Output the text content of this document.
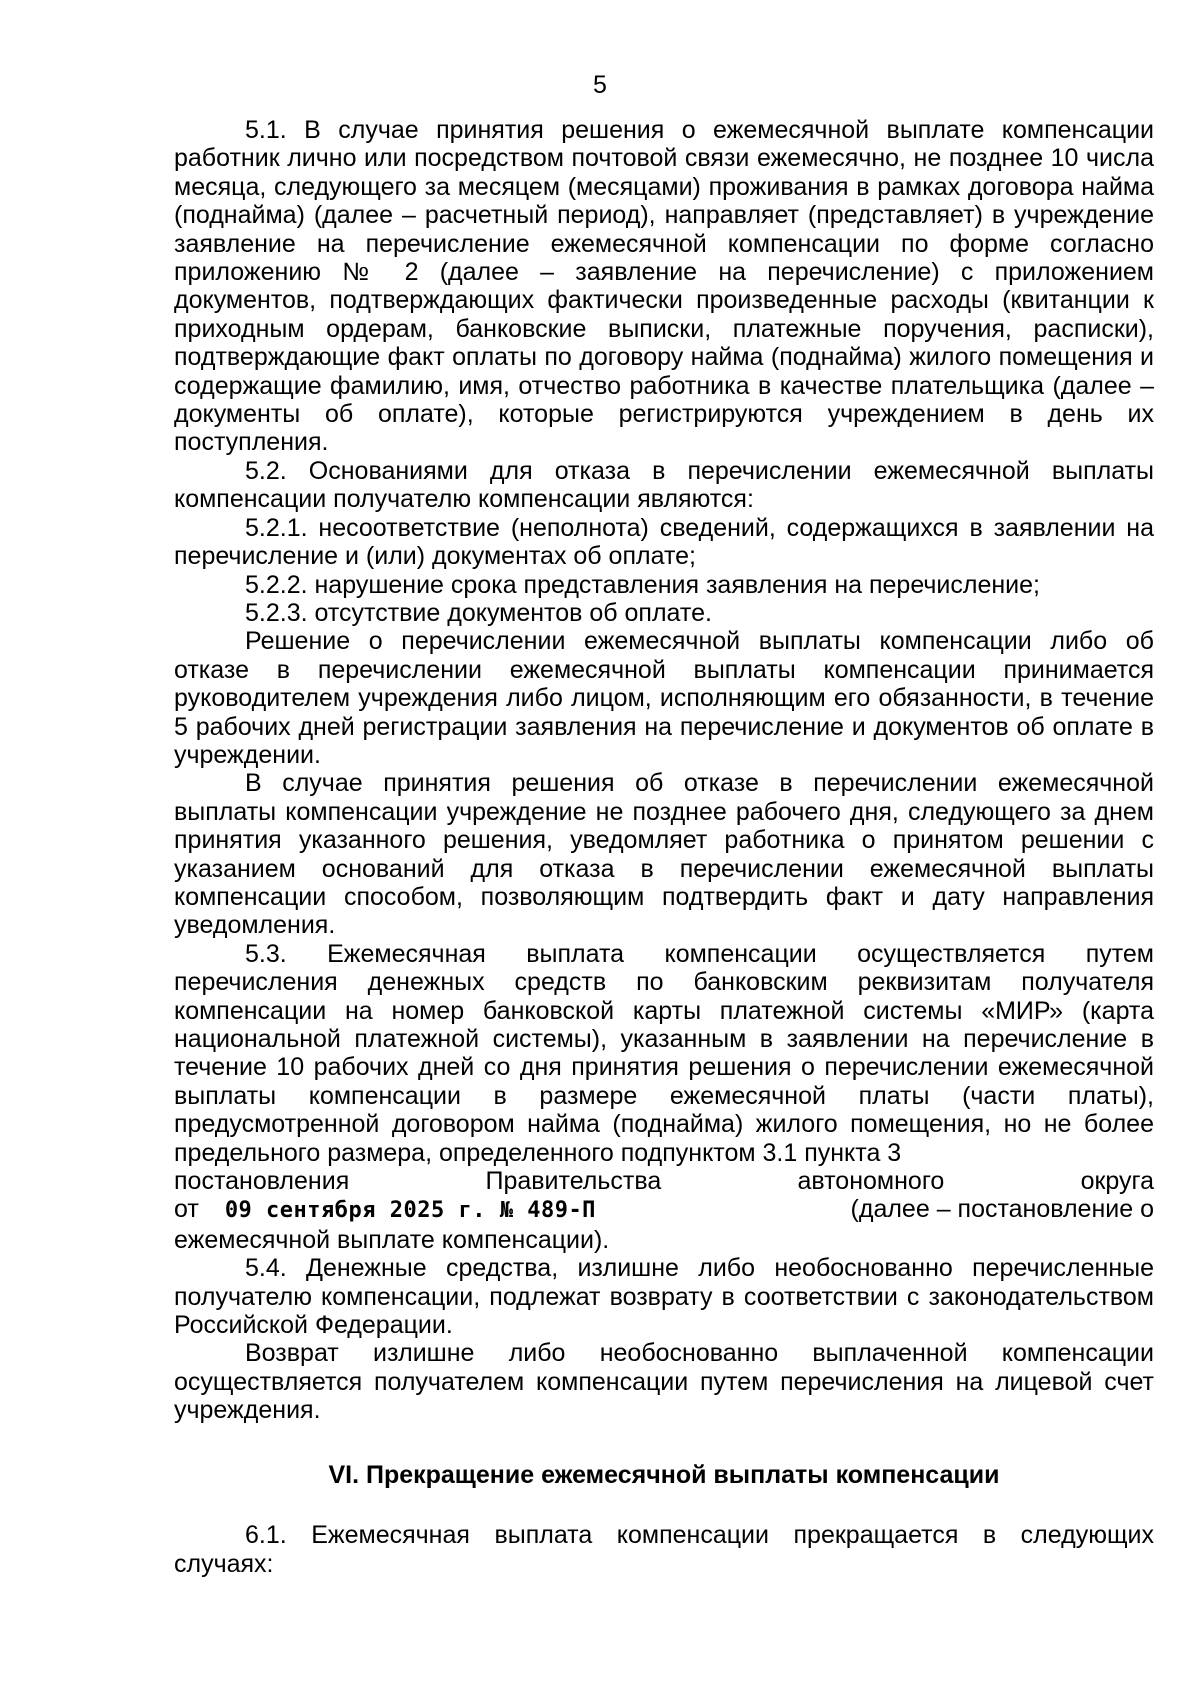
5

5.1. В случае принятия решения о ежемесячной выплате компенсации работник лично или посредством почтовой связи ежемесячно, не позднее 10 числа месяца, следующего за месяцем (месяцами) проживания в рамках договора найма (поднайма) (далее – расчетный период), направляет (представляет) в учреждение заявление на перечисление ежемесячной компенсации по форме согласно приложению № 2 (далее – заявление на перечисление) с приложением документов, подтверждающих фактически произведенные расходы (квитанции к приходным ордерам, банковские выписки, платежные поручения, расписки), подтверждающие факт оплаты по договору найма (поднайма) жилого помещения и содержащие фамилию, имя, отчество работника в качестве плательщика (далее – документы об оплате), которые регистрируются учреждением в день их поступления.

5.2. Основаниями для отказа в перечислении ежемесячной выплаты компенсации получателю компенсации являются:

5.2.1. несоответствие (неполнота) сведений, содержащихся в заявлении на перечисление и (или) документах об оплате;

5.2.2. нарушение срока представления заявления на перечисление;

5.2.3. отсутствие документов об оплате.

Решение о перечислении ежемесячной выплаты компенсации либо об отказе в перечислении ежемесячной выплаты компенсации принимается руководителем учреждения либо лицом, исполняющим его обязанности, в течение 5 рабочих дней регистрации заявления на перечисление и документов об оплате в учреждении.

В случае принятия решения об отказе в перечислении ежемесячной выплаты компенсации учреждение не позднее рабочего дня, следующего за днем принятия указанного решения, уведомляет работника о принятом решении с указанием оснований для отказа в перечислении ежемесячной выплаты компенсации способом, позволяющим подтвердить факт и дату направления уведомления.

5.3. Ежемесячная выплата компенсации осуществляется путем перечисления денежных средств по банковским реквизитам получателя компенсации на номер банковской карты платежной системы «МИР» (карта национальной платежной системы), указанным в заявлении на перечисление в течение 10 рабочих дней со дня принятия решения о перечислении ежемесячной выплаты компенсации в размере ежемесячной платы (части платы), предусмотренной договором найма (поднайма) жилого помещения, но не более предельного размера, определенного подпунктом 3.1 пункта 3

постановления	Правительства	автономного	округа
от 09 сентября 2025 г. № 489-П	(далее – постановление о
ежемесячной выплате компенсации).

5.4. Денежные средства, излишне либо необоснованно перечисленные получателю компенсации, подлежат возврату в соответствии с законодательством Российской Федерации.

Возврат излишне либо необоснованно выплаченной компенсации осуществляется получателем компенсации путем перечисления на лицевой счет учреждения.

VI. Прекращение ежемесячной выплаты компенсации

6.1. Ежемесячная выплата компенсации прекращается в следующих случаях:
